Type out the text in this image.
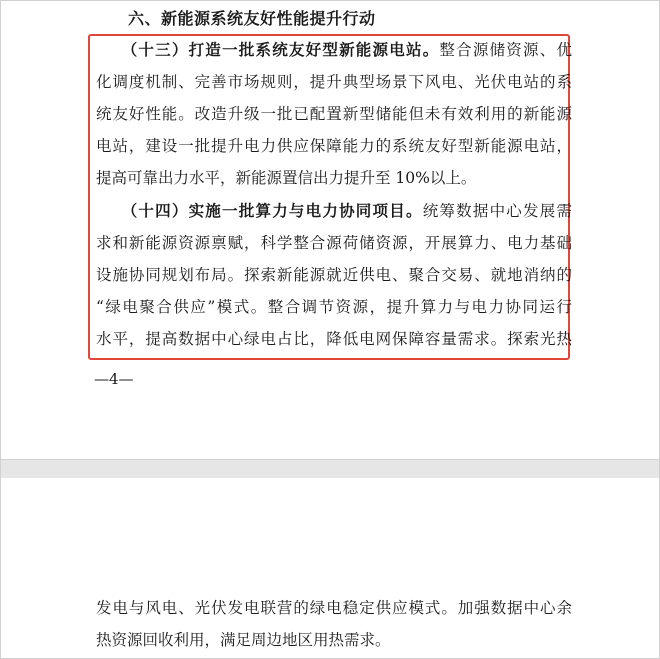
六、新能源系统友好性能提升行动
　　（十三）打造一批系统友好型新能源电站。整合源储资源、优
化调度机制、完善市场规则，提升典型场景下风电、光伏电站的系
统友好性能。改造升级一批已配置新型储能但未有效利用的新能源
电站，建设一批提升电力供应保障能力的系统友好型新能源电站，
提高可靠出力水平，新能源置信出力提升至 10%以上。
　　（十四）实施一批算力与电力协同项目。统筹数据中心发展需
求和新能源资源禀赋，科学整合源荷储资源，开展算力、电力基础
设施协同规划布局。探索新能源就近供电、聚合交易、就地消纳的
“绿电聚合供应”模式。整合调节资源，提升算力与电力协同运行
水平，提高数据中心绿电占比，降低电网保障容量需求。探索光热
—4—
发电与风电、光伏发电联营的绿电稳定供应模式。加强数据中心余
热资源回收利用，满足周边地区用热需求。
